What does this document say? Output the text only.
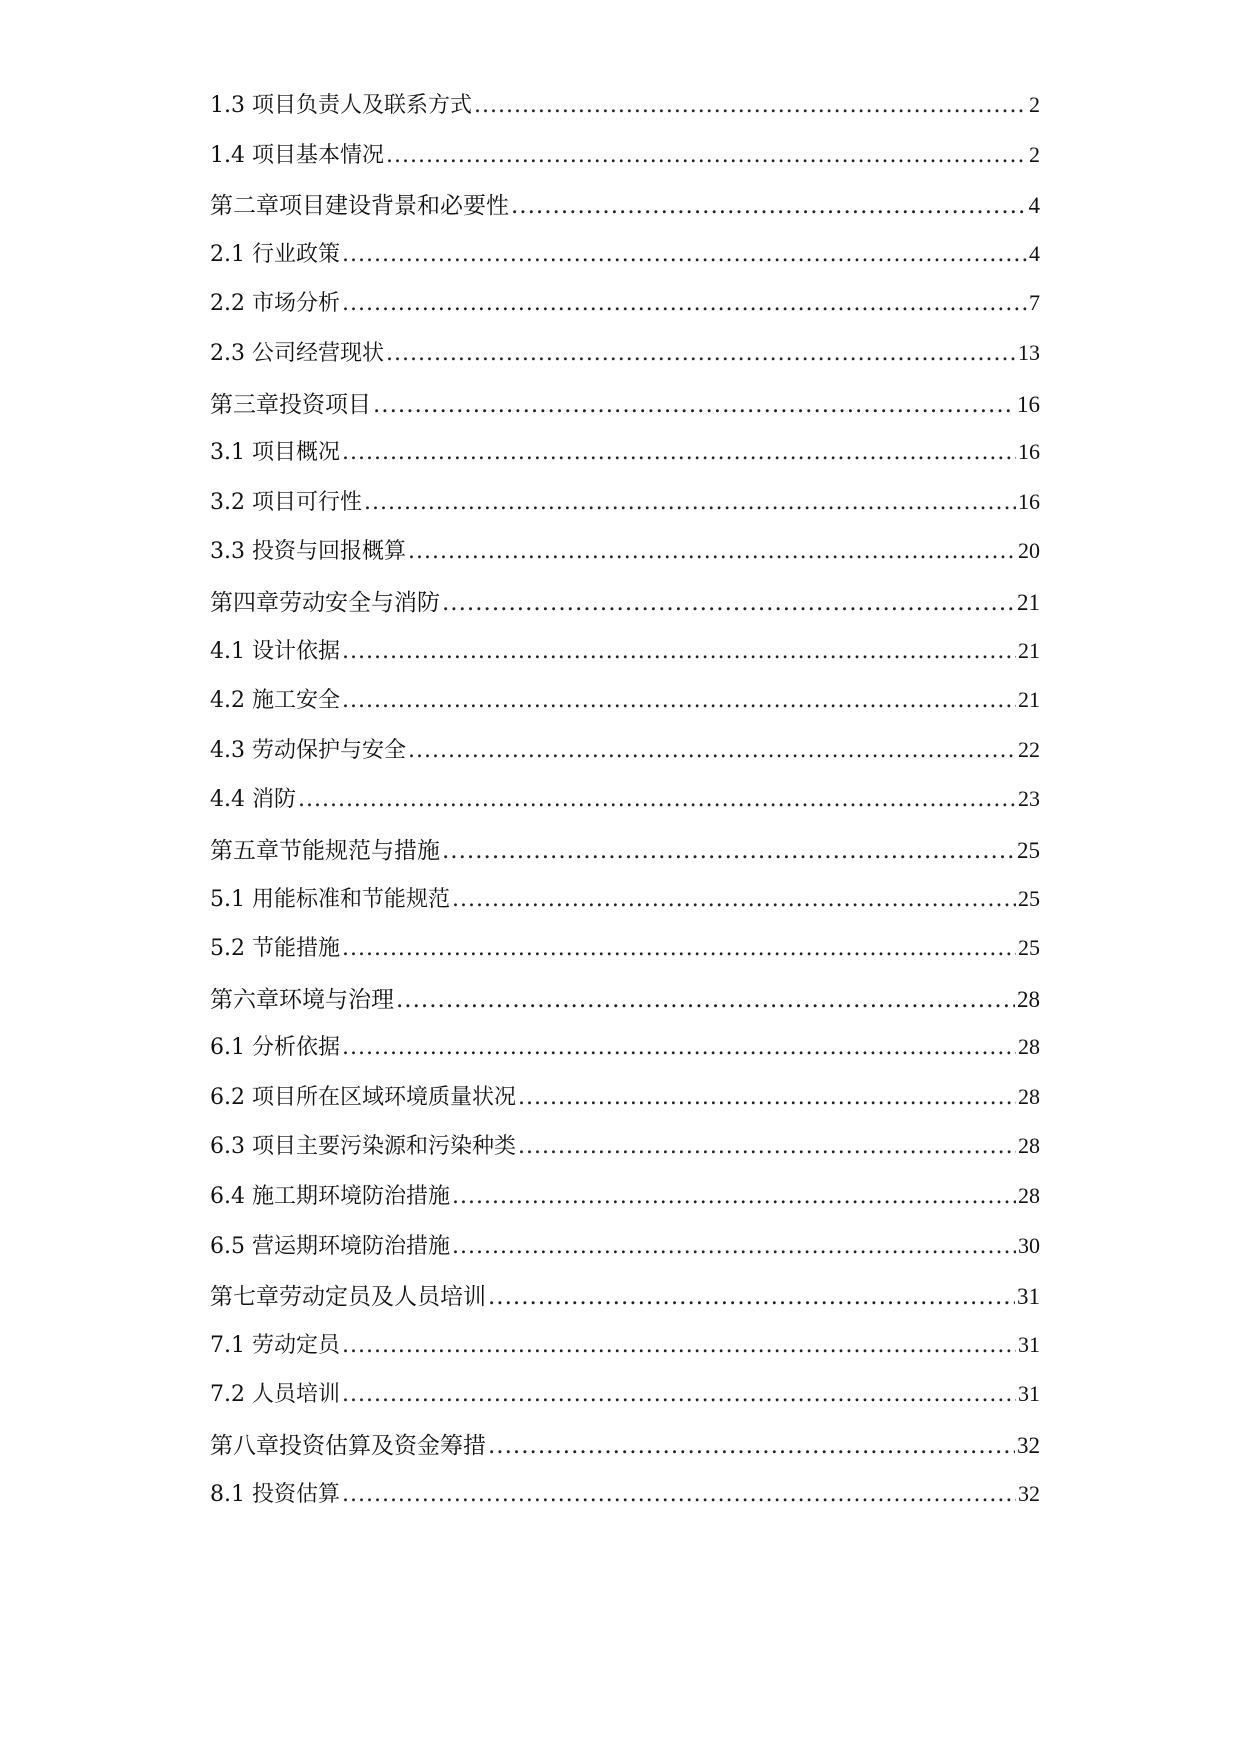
1.3 项目负责人及联系方式 .....	2
1.4 项目基本情况 .....	2
第二章项目建设背景和必要性 .....	4
2.1 行业政策 .....	4
2.2 市场分析 .....	7
2.3 公司经营现状 .....	13
第三章投资项目 .....	16
3.1 项目概况 .....	16
3.2 项目可行性 .....	16
3.3 投资与回报概算 .....	20
第四章劳动安全与消防 .....	21
4.1 设计依据 .....	21
4.2 施工安全 .....	21
4.3 劳动保护与安全 .....	22
4.4 消防 .....	23
第五章节能规范与措施 .....	25
5.1 用能标准和节能规范 .....	25
5.2 节能措施 .....	25
第六章环境与治理 .....	28
6.1 分析依据 .....	28
6.2 项目所在区域环境质量状况 .....	28
6.3 项目主要污染源和污染种类 .....	28
6.4 施工期环境防治措施 .....	28
6.5 营运期环境防治措施 .....	30
第七章劳动定员及人员培训 .....	31
7.1 劳动定员 .....	31
7.2 人员培训 .....	31
第八章投资估算及资金筹措 .....	32
8.1 投资估算 .....	32
